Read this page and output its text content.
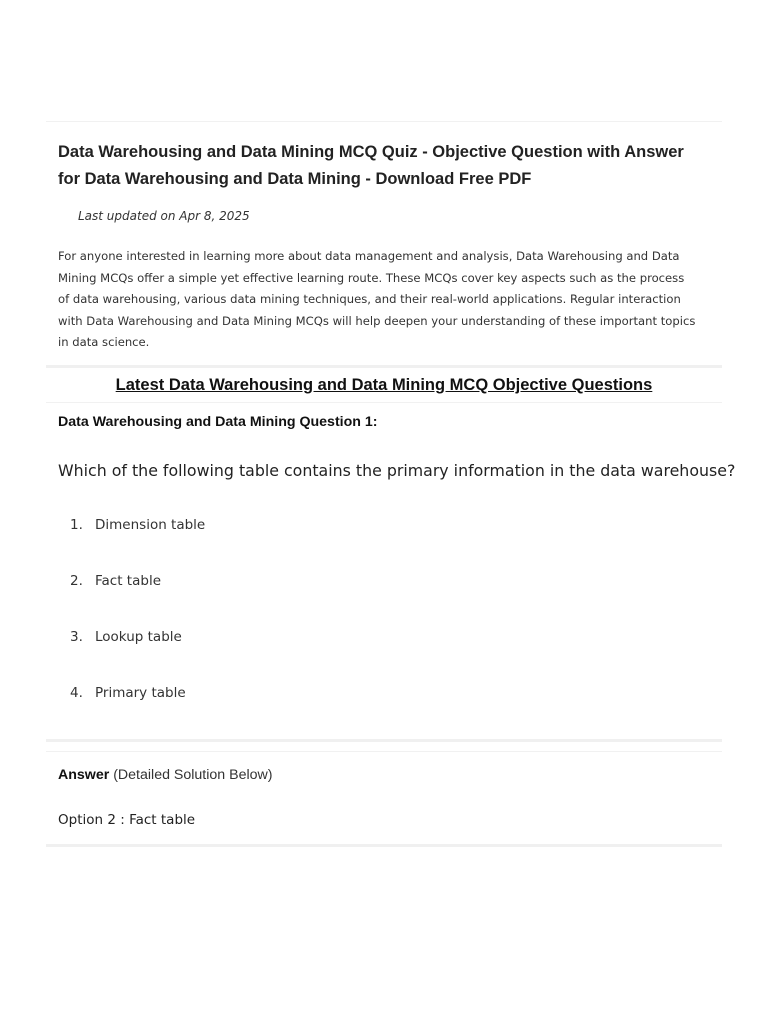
Data Warehousing and Data Mining MCQ Quiz - Objective Question with Answer for Data Warehousing and Data Mining - Download Free PDF
Last updated on Apr 8, 2025

For anyone interested in learning more about data management and analysis, Data Warehousing and Data Mining MCQs offer a simple yet effective learning route. These MCQs cover key aspects such as the process of data warehousing, various data mining techniques, and their real-world applications. Regular interaction with Data Warehousing and Data Mining MCQs will help deepen your understanding of these important topics in data science.

Latest Data Warehousing and Data Mining MCQ Objective Questions
Data Warehousing and Data Mining Question 1:
Which of the following table contains the primary information in the data warehouse?
1. Dimension table
2. Fact table
3. Lookup table
4. Primary table
Answer (Detailed Solution Below)
Option 2 : Fact table
